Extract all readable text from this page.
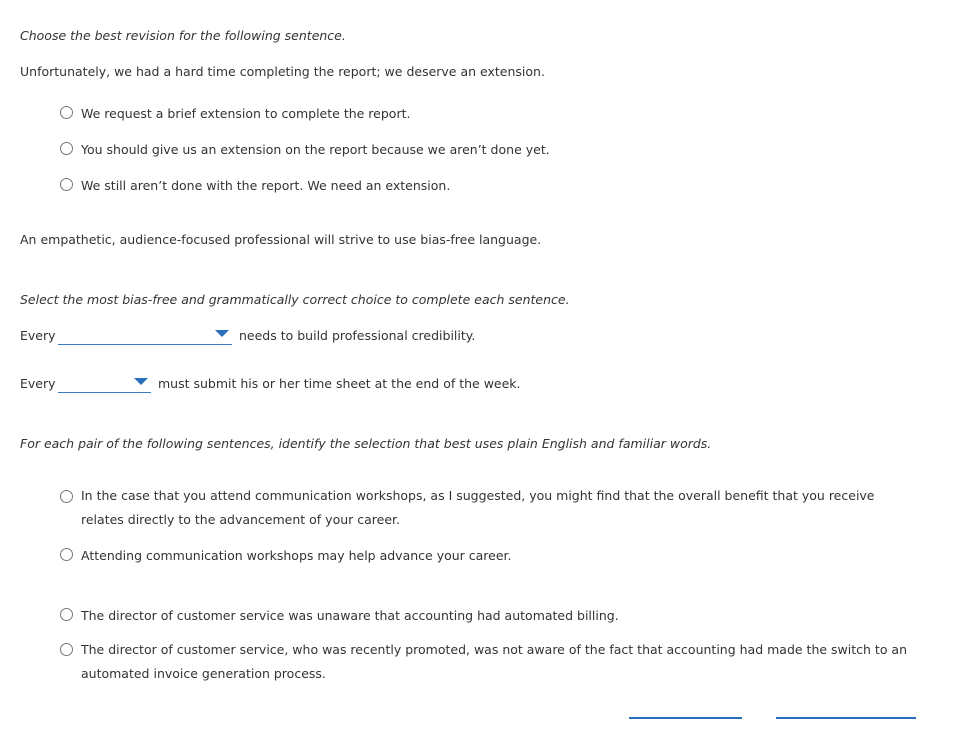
Choose the best revision for the following sentence.
Unfortunately, we had a hard time completing the report; we deserve an extension.
We request a brief extension to complete the report.
You should give us an extension on the report because we aren’t done yet.
We still aren’t done with the report. We need an extension.
An empathetic, audience-focused professional will strive to use bias-free language.
Select the most bias-free and grammatically correct choice to complete each sentence.
Every	needs to build professional credibility.
Every	must submit his or her time sheet at the end of the week.
For each pair of the following sentences, identify the selection that best uses plain English and familiar words.
In the case that you attend communication workshops, as I suggested, you might find that the overall benefit that you receive relates directly to the advancement of your career.
Attending communication workshops may help advance your career.
The director of customer service was unaware that accounting had automated billing.
The director of customer service, who was recently promoted, was not aware of the fact that accounting had made the switch to an automated invoice generation process.
